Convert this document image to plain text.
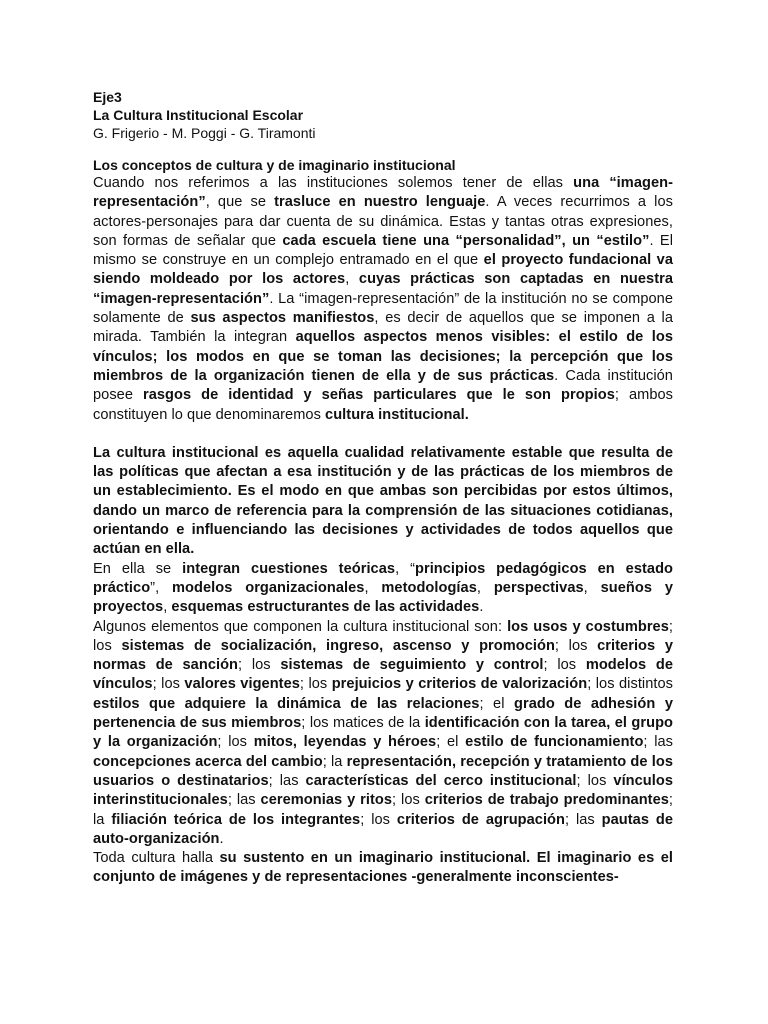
Eje3

La Cultura Institucional Escolar

G. Frigerio - M. Poggi - G. Tiramonti

Los conceptos de cultura y de imaginario institucional

Cuando nos referimos a las instituciones solemos tener de ellas una “imagen-representación”, que se trasluce en nuestro lenguaje. A veces recurrimos a los actores-personajes para dar cuenta de su dinámica. Estas y tantas otras expresiones, son formas de señalar que cada escuela tiene una “personalidad”, un “estilo”. El mismo se construye en un complejo entramado en el que el proyecto fundacional va siendo moldeado por los actores, cuyas prácticas son captadas en nuestra “imagen-representación”. La “imagen-representación” de la institución no se compone solamente de sus aspectos manifiestos, es decir de aquellos que se imponen a la mirada. También la integran aquellos aspectos menos visibles: el estilo de los vínculos; los modos en que se toman las decisiones; la percepción que los miembros de la organización tienen de ella y de sus prácticas. Cada institución posee rasgos de identidad y señas particulares que le son propios; ambos constituyen lo que denominaremos cultura institucional.

La cultura institucional es aquella cualidad relativamente estable que resulta de las políticas que afectan a esa institución y de las prácticas de los miembros de un establecimiento. Es el modo en que ambas son percibidas por estos últimos, dando un marco de referencia para la comprensión de las situaciones cotidianas, orientando e influenciando las decisiones y actividades de todos aquellos que actúan en ella.

En ella se integran cuestiones teóricas, “principios pedagógicos en estado práctico”, modelos organizacionales, metodologías, perspectivas, sueños y proyectos, esquemas estructurantes de las actividades.

Algunos elementos que componen la cultura institucional son: los usos y costumbres; los sistemas de socialización, ingreso, ascenso y promoción; los criterios y normas de sanción; los sistemas de seguimiento y control; los modelos de vínculos; los valores vigentes; los prejuicios y criterios de valorización; los distintos estilos que adquiere la dinámica de las relaciones; el grado de adhesión y pertenencia de sus miembros; los matices de la identificación con la tarea, el grupo y la organización; los mitos, leyendas y héroes; el estilo de funcionamiento; las concepciones acerca del cambio; la representación, recepción y tratamiento de los usuarios o destinatarios; las características del cerco institucional; los vínculos interinstitucionales; las ceremonias y ritos; los criterios de trabajo predominantes; la filiación teórica de los integrantes; los criterios de agrupación; las pautas de auto-organización.

Toda cultura halla su sustento en un imaginario institucional. El imaginario es el conjunto de imágenes y de representaciones -generalmente inconscientes-
